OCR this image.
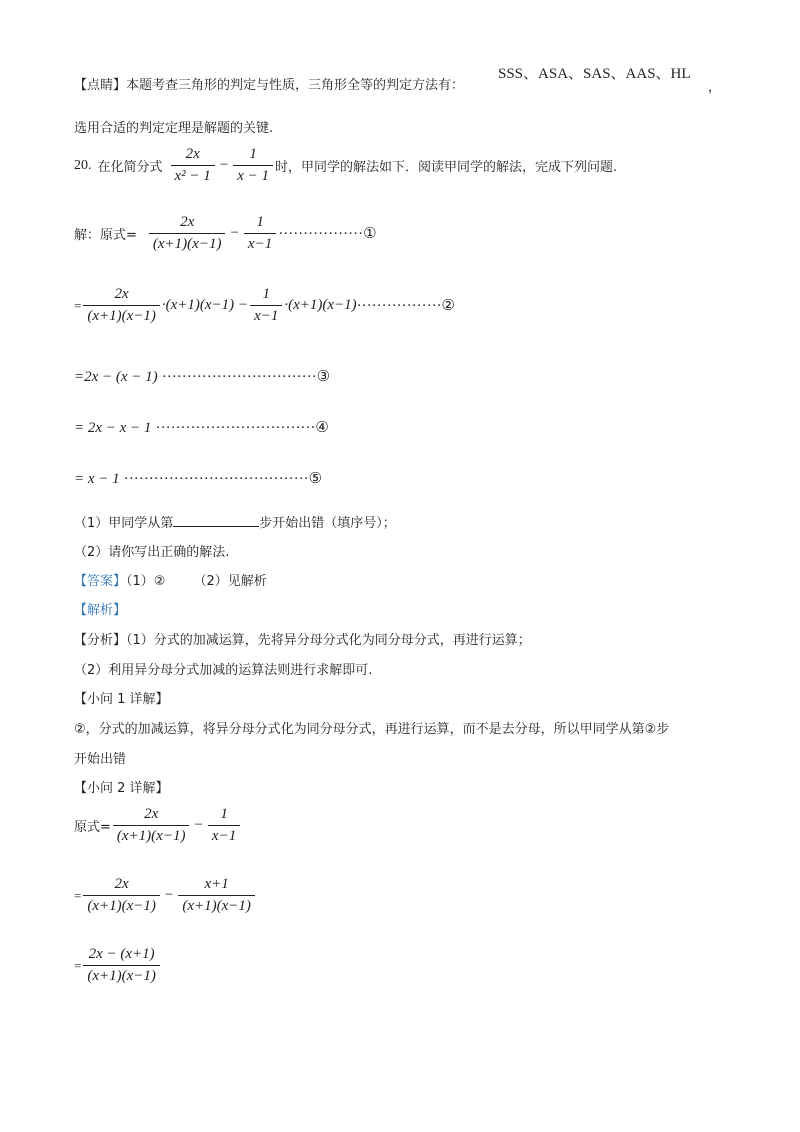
【点睛】本题考查三角形的判定与性质，三角形全等的判定方法有：
SSS、ASA、SAS、AAS、HL
，
选用合适的判定定理是解题的关键.
20. 在化简分式 $\frac{2x}{\text{x² − 1}} - \frac{1}{x - 1}$ 时，甲同学的解法如下．阅读甲同学的解法，完成下列问题.
解：原式= $\frac{2x}{(x+1)(x-1)} - \frac{1}{x-1}$ ·················①
= $\frac{2x}{(x+1)(x-1)} \cdot(x+1)(x-1) - \frac{1}{x-1} \cdot(x+1)(x-1)$ ·················②
=2x − (x − 1) ·······························③
= 2x − x − 1 ································④
= x − 1 ·····································⑤
（1）甲同学从第	步开始出错（填序号）；
（2）请你写出正确的解法.
【答案】（1）② （2）见解析
【解析】
【分析】（1）分式的加减运算，先将异分母分式化为同分母分式，再进行运算；
（2）利用异分母分式加减的运算法则进行求解即可.
【小问 1 详解】
②，分式的加减运算，将异分母分式化为同分母分式，再进行运算，而不是去分母，所以甲同学从第②步
开始出错
【小问 2 详解】
原式= $\frac{2x}{(x+1)(x-1)} - \frac{1}{x-1}$
= $\frac{2x}{(x+1)(x-1)} - \frac{x+1}{(x+1)(x-1)}$
= $\frac{2x - (x+1)}{(x+1)(x-1)}$
